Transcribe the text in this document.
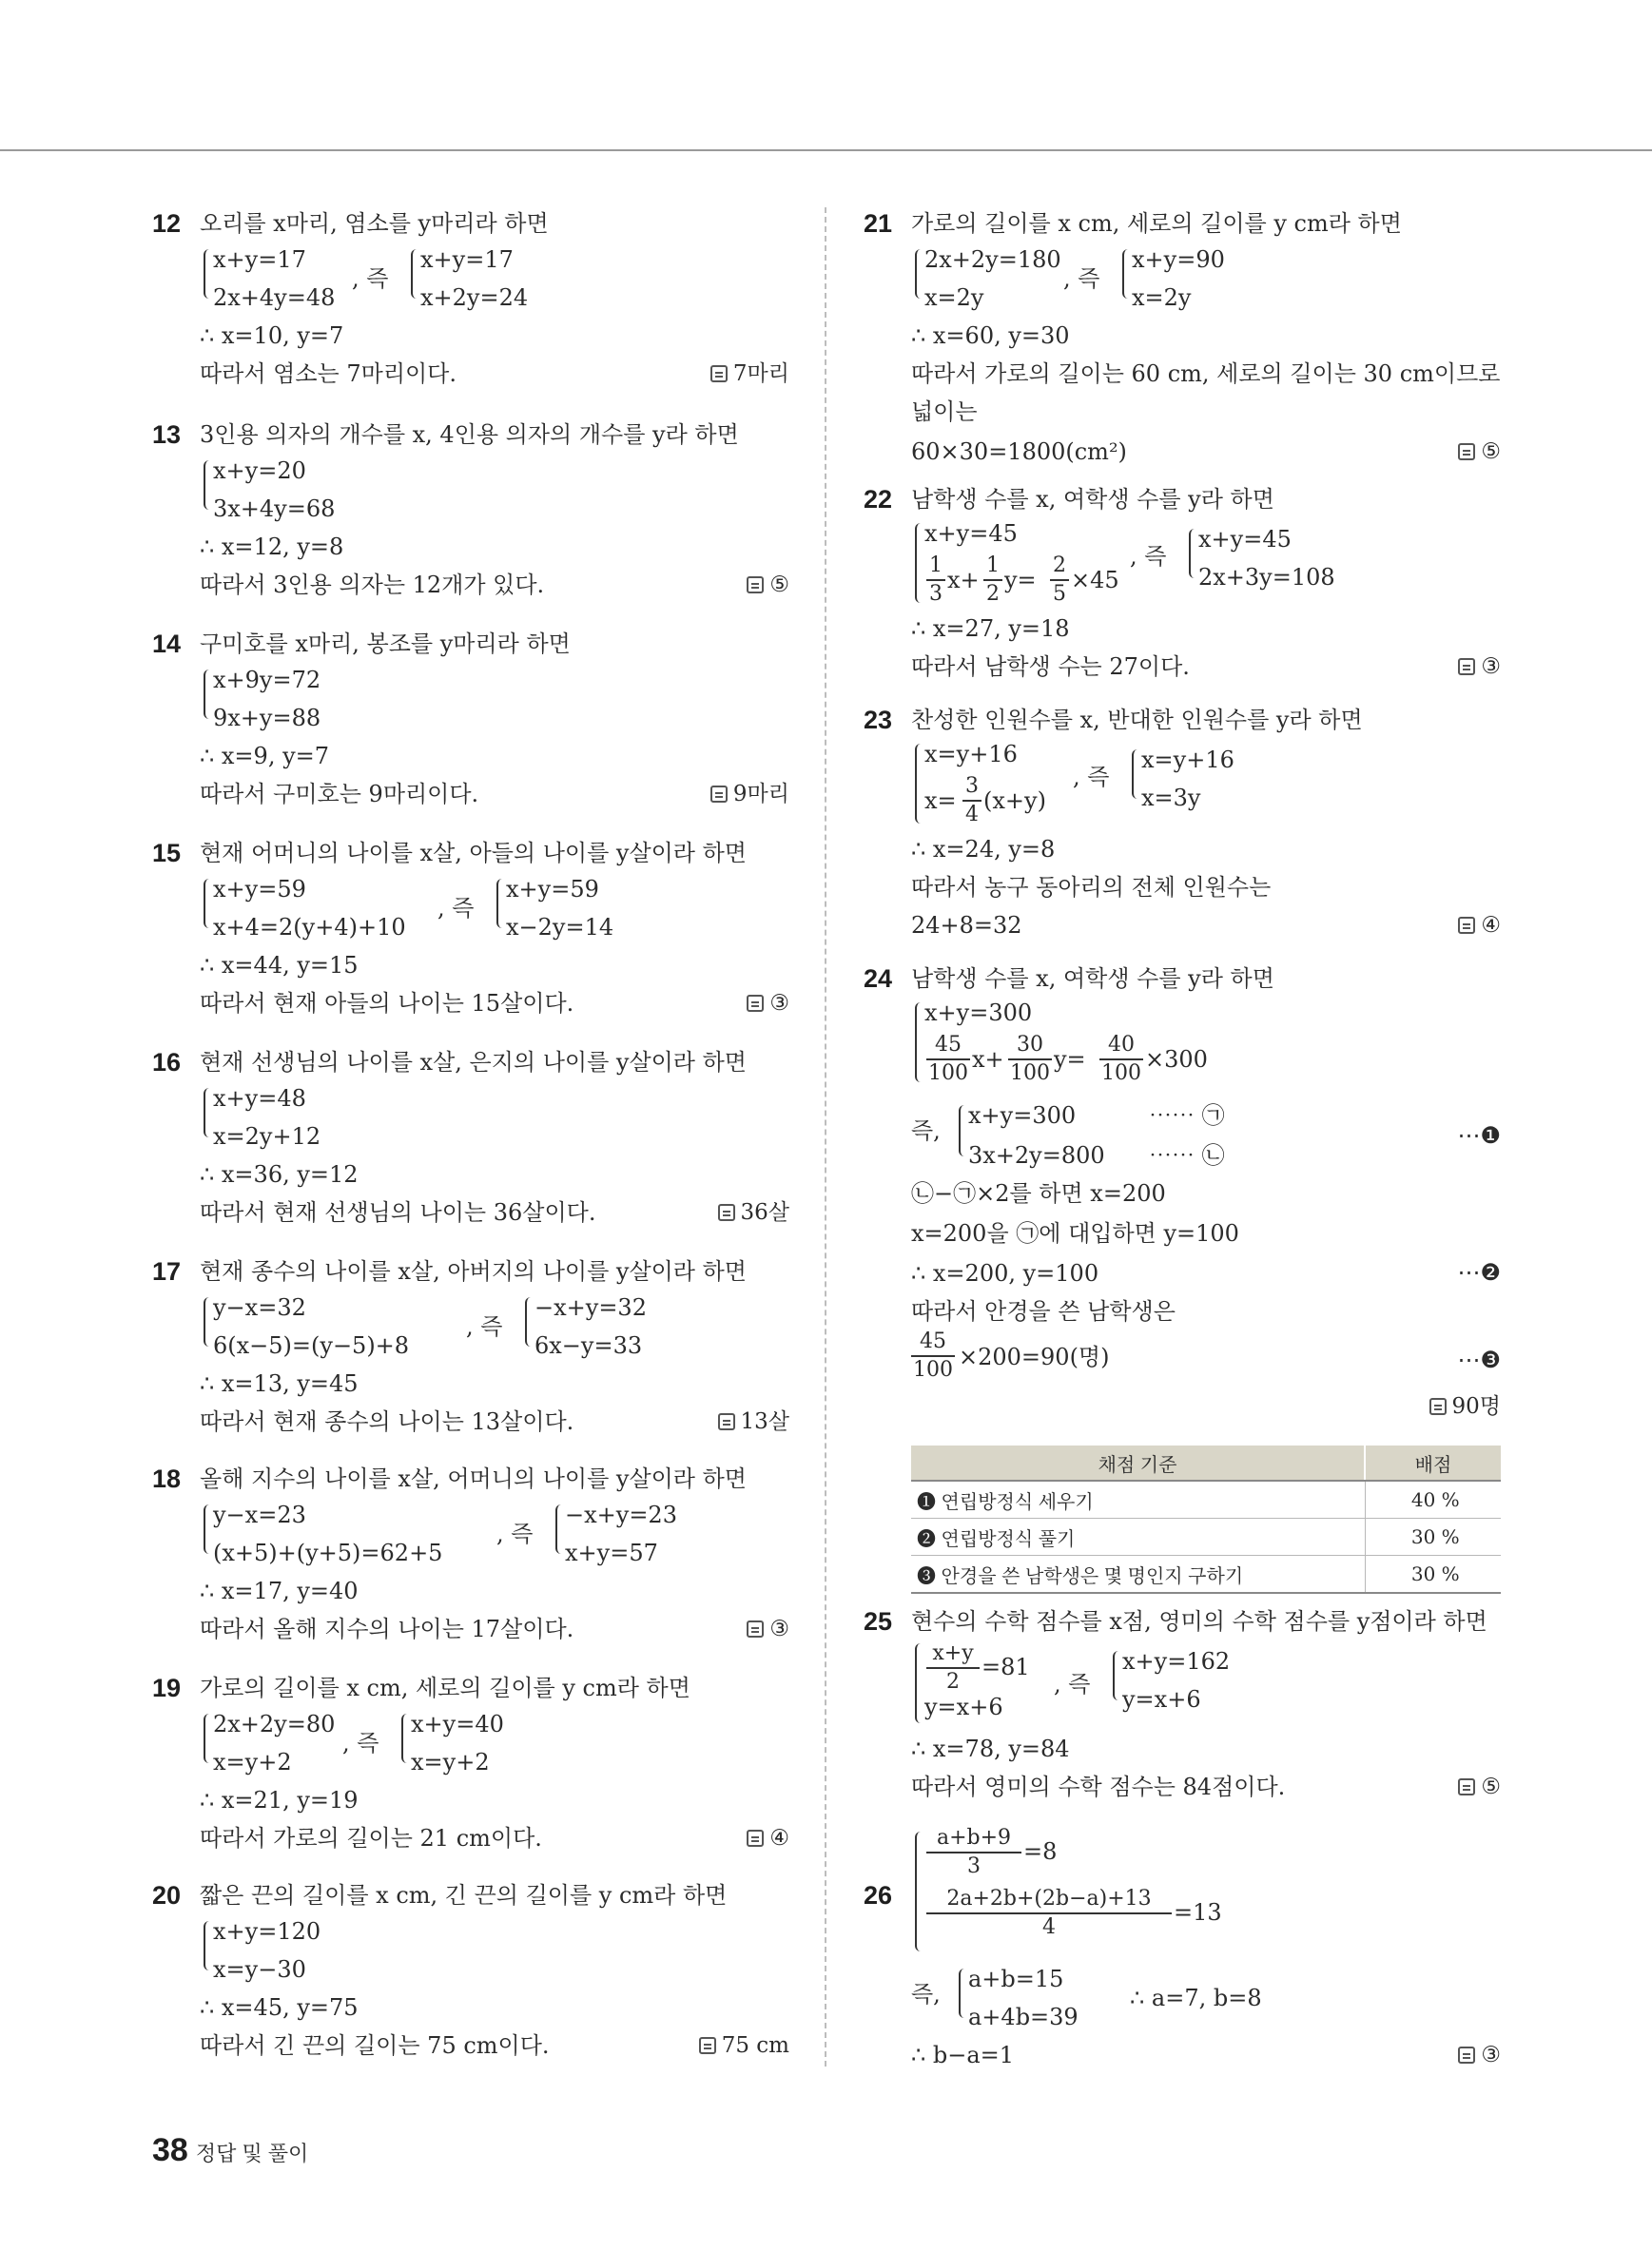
12 오리를 x마리, 염소를 y마리라 하면
x+y=17
2x+4y=48
, 즉
x+y=17
x+2y=24
∴ x=10, y=7
따라서 염소는 7마리이다.	7마리
13 3인용 의자의 개수를 x, 4인용 의자의 개수를 y라 하면
x+y=20
3x+4y=68
∴ x=12, y=8
따라서 3인용 의자는 12개가 있다.	⑤
14 구미호를 x마리, 봉조를 y마리라 하면
x+9y=72
9x+y=88
∴ x=9, y=7
따라서 구미호는 9마리이다.	9마리
15 현재 어머니의 나이를 x살, 아들의 나이를 y살이라 하면
x+y=59
x+4=2(y+4)+10
, 즉
x+y=59
x−2y=14
∴ x=44, y=15
따라서 현재 아들의 나이는 15살이다.	③
16 현재 선생님의 나이를 x살, 은지의 나이를 y살이라 하면
x+y=48
x=2y+12
∴ x=36, y=12
따라서 현재 선생님의 나이는 36살이다.	36살
17 현재 종수의 나이를 x살, 아버지의 나이를 y살이라 하면
y−x=32
6(x−5)=(y−5)+8
, 즉
−x+y=32
6x−y=33
∴ x=13, y=45
따라서 현재 종수의 나이는 13살이다.	13살
18 올해 지수의 나이를 x살, 어머니의 나이를 y살이라 하면
y−x=23
(x+5)+(y+5)=62+5
, 즉
−x+y=23
x+y=57
∴ x=17, y=40
따라서 올해 지수의 나이는 17살이다.	③
19 가로의 길이를 x cm, 세로의 길이를 y cm라 하면
2x+2y=80
x=y+2
, 즉
x+y=40
x=y+2
∴ x=21, y=19
따라서 가로의 길이는 21 cm이다.	④
20 짧은 끈의 길이를 x cm, 긴 끈의 길이를 y cm라 하면
x+y=120
x=y−30
∴ x=45, y=75
따라서 긴 끈의 길이는 75 cm이다.	75 cm
21 가로의 길이를 x cm, 세로의 길이를 y cm라 하면
2x+2y=180
x=2y
, 즉
x+y=90
x=2y
∴ x=60, y=30
따라서 가로의 길이는 60 cm, 세로의 길이는 30 cm이므로
넓이는
60×30=1800(cm²)	⑤
22 남학생 수를 x, 여학생 수를 y라 하면
x+y=45
1
3
x+
1
2
y=
2
5
×45
, 즉
x+y=45
2x+3y=108
∴ x=27, y=18
따라서 남학생 수는 27이다.	③
23 찬성한 인원수를 x, 반대한 인원수를 y라 하면
x=y+16
x=
3
4
(x+y)
, 즉
x=y+16
x=3y
∴ x=24, y=8
따라서 농구 동아리의 전체 인원수는
24+8=32	④
24 남학생 수를 x, 여학생 수를 y라 하면
x+y=300
45
100
x+
30
100
y=
40
100
×300
즉,
x+y=300	⋯⋯ ㉠
3x+2y=800 ⋯⋯ ㉡
⋯❶
㉡−㉠×2를 하면 x=200
x=200을 ㉠에 대입하면 y=100
∴ x=200, y=100	⋯❷
따라서 안경을 쓴 남학생은
45
100 ×200=90(명)	⋯❸
90명
채점 기준	배점
❶ 연립방정식 세우기	40 %
❷ 연립방정식 풀기	30 %
❸ 안경을 쓴 남학생은 몇 명인지 구하기	30 %
25 현수의 수학 점수를 x점, 영미의 수학 점수를 y점이라 하면
x+y
2
=81
y=x+6
, 즉
x+y=162
y=x+6
∴ x=78, y=84
따라서 영미의 수학 점수는 84점이다.	⑤
26
a+b+9
3
=8
2a+2b+(2b−a)+13
4
=13
즉,
a+b=15
a+4b=39
∴ a=7, b=8
∴ b−a=1	③
38 정답 및 풀이
